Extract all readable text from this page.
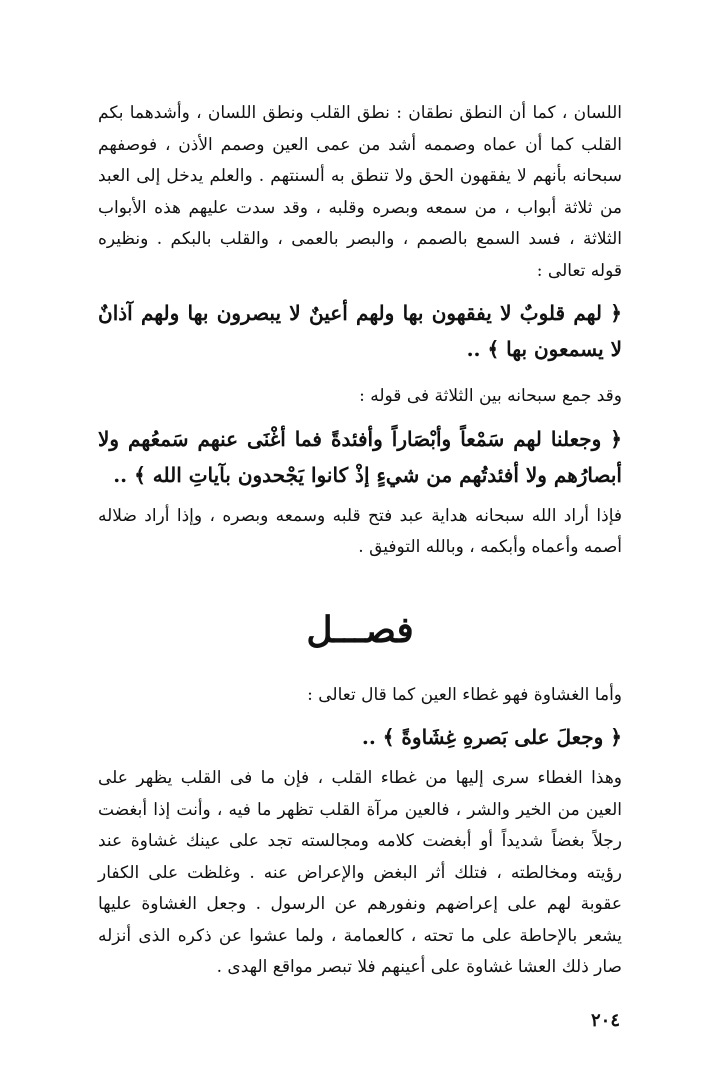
اللسان ، كما أن النطق نطقان : نطق القلب ونطق اللسان ، وأشدهما بكم القلب كما أن عماه وصممه أشد من عمى العين وصمم الأذن ، فوصفهم سبحانه بأنهم لا يفقهون الحق ولا تنطق به ألسنتهم . والعلم يدخل إلى العبد من ثلاثة أبواب ، من سمعه وبصره وقلبه ، وقد سدت عليهم هذه الأبواب الثلاثة ، فسد السمع بالصمم ، والبصر بالعمى ، والقلب بالبكم . ونظيره قوله تعالى :

﴿ لهم قلوبٌ لا يفقهون بها ولهم أعينٌ لا يبصرون بها ولهم آذانٌ لا يسمعون بها ﴾ ..

وقد جمع سبحانه بين الثلاثة فى قوله :

﴿ وجعلنا لهم سَمْعاً وأبْصَاراً وأفئدةً فما أغْنَى عنهم سَمعُهم ولا أبصارُهم ولا أفئدتُهم من شيءٍ إذْ كانوا يَجْحدون بآياتِ الله ﴾ ..

فإذا أراد الله سبحانه هداية عبد فتح قلبه وسمعه وبصره ، وإذا أراد ضلاله أصمه وأعماه وأبكمه ، وبالله التوفيق .

فصـــل

وأما الغشاوة فهو غطاء العين كما قال تعالى :

﴿ وجعلَ على بَصرهِ غِشَاوةً ﴾ ..

وهذا الغطاء سرى إليها من غطاء القلب ، فإن ما فى القلب يظهر على العين من الخير والشر ، فالعين مرآة القلب تظهر ما فيه ، وأنت إذا أبغضت رجلاً بغضاً شديداً أو أبغضت كلامه ومجالسته تجد على عينك غشاوة عند رؤيته ومخالطته ، فتلك أثر البغض والإعراض عنه . وغلظت على الكفار عقوبة لهم على إعراضهم ونفورهم عن الرسول . وجعل الغشاوة عليها يشعر بالإحاطة على ما تحته ، كالعمامة ، ولما عشوا عن ذكره الذى أنزله صار ذلك العشا غشاوة على أعينهم فلا تبصر مواقع الهدى .

٢٠٤
